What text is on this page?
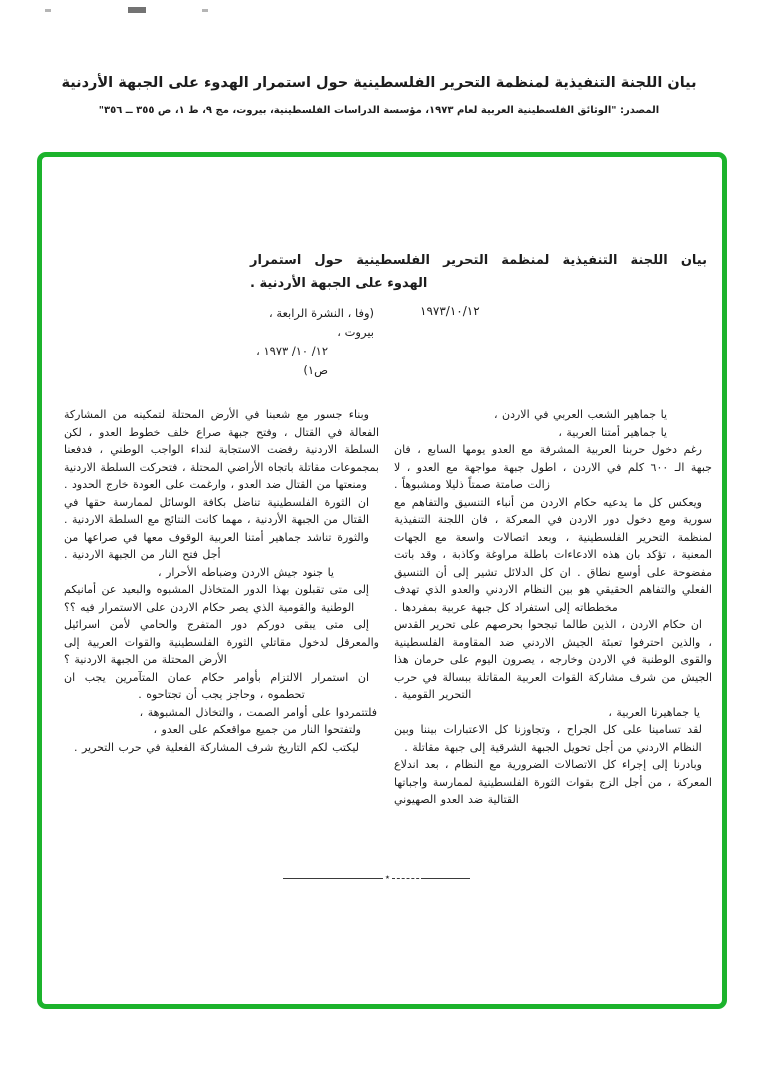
بيان اللجنة التنفيذية لمنظمة التحرير الفلسطينية حول استمرار الهدوء على الجبهة الأردنية
المصدر: "الوثائق الفلسطينية العربية لعام ١٩٧٣، مؤسسة الدراسات الفلسطينية، بيروت، مج ٩، ط ١، ص ٣٥٥ ــ ٣٥٦"
بيان اللجنة التنفيذية لمنظمة التحرير الفلسطينية حول استمرار
الهدوء على الجبهة الأردنية .
١٢/‏١٠/‏١٩٧٣
(وفا ، النشرة الرابعة ، بيروت ،
١٢/‏ ١٠/‏ ١٩٧٣ ، ص١)

يا جماهير الشعب العربي في الاردن ،

يا جماهير أمتنا العربية ،

رغم دخول حربنا العربية المشرفة مع العدو يومها السابع ، فان جبهة الـ ٦٠٠ كلم في الاردن ، اطول جبهة مواجهة مع العدو ، لا زالت صامتة صمتاً ذليلا ومشبوهاً .

ويعكس كل ما يدعيه حكام الاردن من أنباء التنسيق والتفاهم مع سورية ومع دخول دور الاردن في المعركة ، فان اللجنة التنفيذية لمنظمة التحرير الفلسطينية ، وبعد اتصالات واسعة مع الجهات المعنية ، تؤكد بان هذه الادعاءات باطلة مراوغة وكاذبة ، وقد باتت مفضوحة على أوسع نطاق . ان كل الدلائل تشير إلى أن التنسيق الفعلي والتفاهم الحقيقي هو بين النظام الاردني والعدو الذي تهدف مخططاته إلى استفراد كل جبهة عربية بمفردها .

ان حكام الاردن ، الذين طالما تبجحوا بحرصهم على تحرير القدس ، والذين احترفوا تعبئة الجيش الاردني ضد المقاومة الفلسطينية والقوى الوطنية في الاردن وخارجه ، يصرون اليوم على حرمان هذا الجيش من شرف مشاركة القوات العربية المقاتلة ببسالة في حرب التحرير القومية .

يا جماهيرنا العربية ،

لقد تسامينا على كل الجراح ، وتجاوزنا كل الاعتبارات بيننا وبين النظام الاردني من أجل تحويل الجبهة الشرقية إلى جبهة مقاتلة .

وبادرنا إلى إجراء كل الاتصالات الضرورية مع النظام ، بعد اندلاع المعركة ، من أجل الزج بقوات الثورة الفلسطينية لممارسة واجباتها القتالية ضد العدو الصهيوني

وبناء جسور مع شعبنا في الأرض المحتلة لتمكينه من المشاركة الفعالة في القتال ، وفتح جبهة صراع خلف خطوط العدو ، لكن السلطة الاردنية رفضت الاستجابة لنداء الواجب الوطني ، فدفعنا بمجموعات مقاتلة باتجاه الأراضي المحتلة ، فتحركت السلطة الاردنية ومنعتها من القتال ضد العدو ، وارغمت على العودة خارج الحدود .

ان الثورة الفلسطينية تناضل بكافة الوسائل لممارسة حقها في القتال من الجبهة الأردنية ، مهما كانت النتائج مع السلطة الاردنية .

والثورة تناشد جماهير أمتنا العربية الوقوف معها في صراعها من أجل فتح النار من الجبهة الاردنية .

يا جنود جيش الاردن وضباطه الأحرار ،

إلى متى تقبلون بهذا الدور المتخاذل المشبوه والبعيد عن أمانيكم الوطنية والقومية الذي يصر حكام الاردن على الاستمرار فيه ؟؟

إلى متى يبقى دوركم دور المتفرج والحامي لأمن اسرائيل والمعرقل لدخول مقاتلي الثورة الفلسطينية والقوات العربية إلى الأرض المحتلة من الجبهة الاردنية ؟

ان استمرار الالتزام بأوامر حكام عمان المتآمرين يجب ان تحطموه ، وحاجز يجب أن تجتاحوه .

فلتتمردوا على أوامر الصمت ، والتخاذل المشبوهة ،

ولتفتحوا النار من جميع مواقعكم على العدو ،

ليكتب لكم التاريخ شرف المشاركة الفعلية في حرب التحرير .

٭
